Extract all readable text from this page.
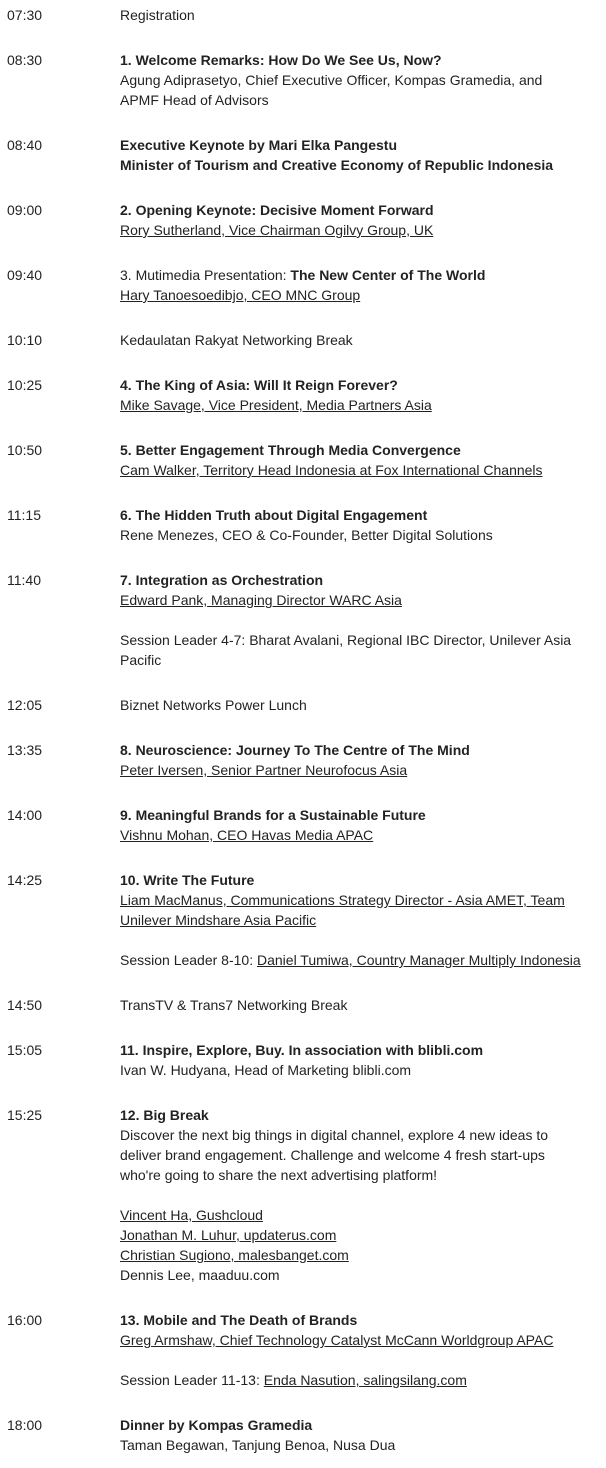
07:30	Registration
08:30	1. Welcome Remarks: How Do We See Us, Now?
Agung Adiprasetyo, Chief Executive Officer, Kompas Gramedia, and
APMF Head of Advisors
08:40	Executive Keynote by Mari Elka Pangestu
Minister of Tourism and Creative Economy of Republic Indonesia
09:00	2. Opening Keynote: Decisive Moment Forward
Rory Sutherland, Vice Chairman Ogilvy Group, UK
09:40	3. Mutimedia Presentation: The New Center of The World
Hary Tanoesoedibjo, CEO MNC Group
10:10	Kedaulatan Rakyat Networking Break
10:25	4. The King of Asia: Will It Reign Forever?
Mike Savage, Vice President, Media Partners Asia
10:50	5. Better Engagement Through Media Convergence
Cam Walker, Territory Head Indonesia at Fox International Channels
11:15	6. The Hidden Truth about Digital Engagement
Rene Menezes, CEO & Co-Founder, Better Digital Solutions
11:40	7. Integration as Orchestration
Edward Pank, Managing Director WARC Asia
Session Leader 4-7: Bharat Avalani, Regional IBC Director, Unilever Asia
Pacific
12:05	Biznet Networks Power Lunch
13:35	8. Neuroscience: Journey To The Centre of The Mind
Peter Iversen, Senior Partner Neurofocus Asia
14:00	9. Meaningful Brands for a Sustainable Future
Vishnu Mohan, CEO Havas Media APAC
14:25	10. Write The Future
Liam MacManus, Communications Strategy Director - Asia AMET, Team
Unilever Mindshare Asia Pacific
Session Leader 8-10: Daniel Tumiwa, Country Manager Multiply Indonesia
14:50	TransTV & Trans7 Networking Break
15:05	11. Inspire, Explore, Buy. In association with blibli.com
Ivan W. Hudyana, Head of Marketing blibli.com
15:25	12. Big Break
Discover the next big things in digital channel, explore 4 new ideas to
deliver brand engagement. Challenge and welcome 4 fresh start-ups
who're going to share the next advertising platform!
Vincent Ha, Gushcloud
Jonathan M. Luhur, updaterus.com
Christian Sugiono, malesbanget.com
Dennis Lee, maaduu.com
16:00	13. Mobile and The Death of Brands
Greg Armshaw, Chief Technology Catalyst McCann Worldgroup APAC
Session Leader 11-13: Enda Nasution, salingsilang.com
18:00	Dinner by Kompas Gramedia
Taman Begawan, Tanjung Benoa, Nusa Dua
